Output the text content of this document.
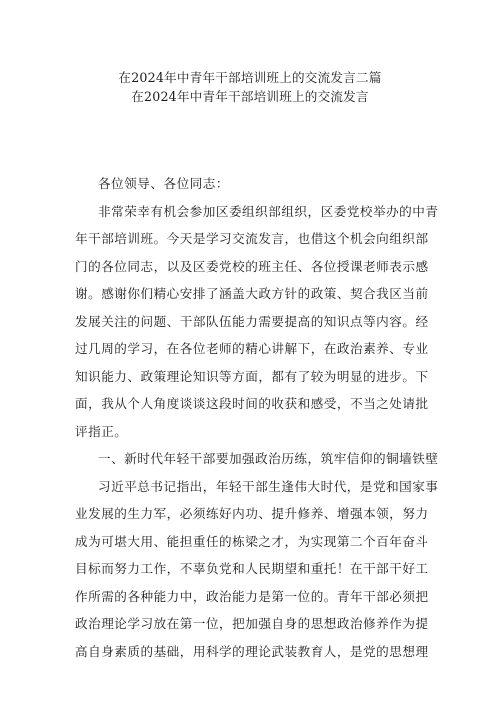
在2024年中青年干部培训班上的交流发言二篇
在2024年中青年干部培训班上的交流发言
各位领导、各位同志：
非常荣幸有机会参加区委组织部组织，区委党校举办的中青
年干部培训班。今天是学习交流发言，也借这个机会向组织部
门的各位同志，以及区委党校的班主任、各位授课老师表示感
谢。感谢你们精心安排了涵盖大政方针的政策、契合我区当前
发展关注的问题、干部队伍能力需要提高的知识点等内容。经
过几周的学习，在各位老师的精心讲解下，在政治素养、专业
知识能力、政策理论知识等方面，都有了较为明显的进步。下
面，我从个人角度谈谈这段时间的收获和感受，不当之处请批
评指正。
一、新时代年轻干部要加强政治历练，筑牢信仰的铜墙铁壁
习近平总书记指出，年轻干部生逢伟大时代，是党和国家事
业发展的生力军，必须练好内功、提升修养、增强本领，努力
成为可堪大用、能担重任的栋梁之才，为实现第二个百年奋斗
目标而努力工作，不辜负党和人民期望和重托！在干部干好工
作所需的各种能力中，政治能力是第一位的。青年干部必须把
政治理论学习放在第一位，把加强自身的思想政治修养作为提
高自身素质的基础，用科学的理论武装教育人，是党的思想理
